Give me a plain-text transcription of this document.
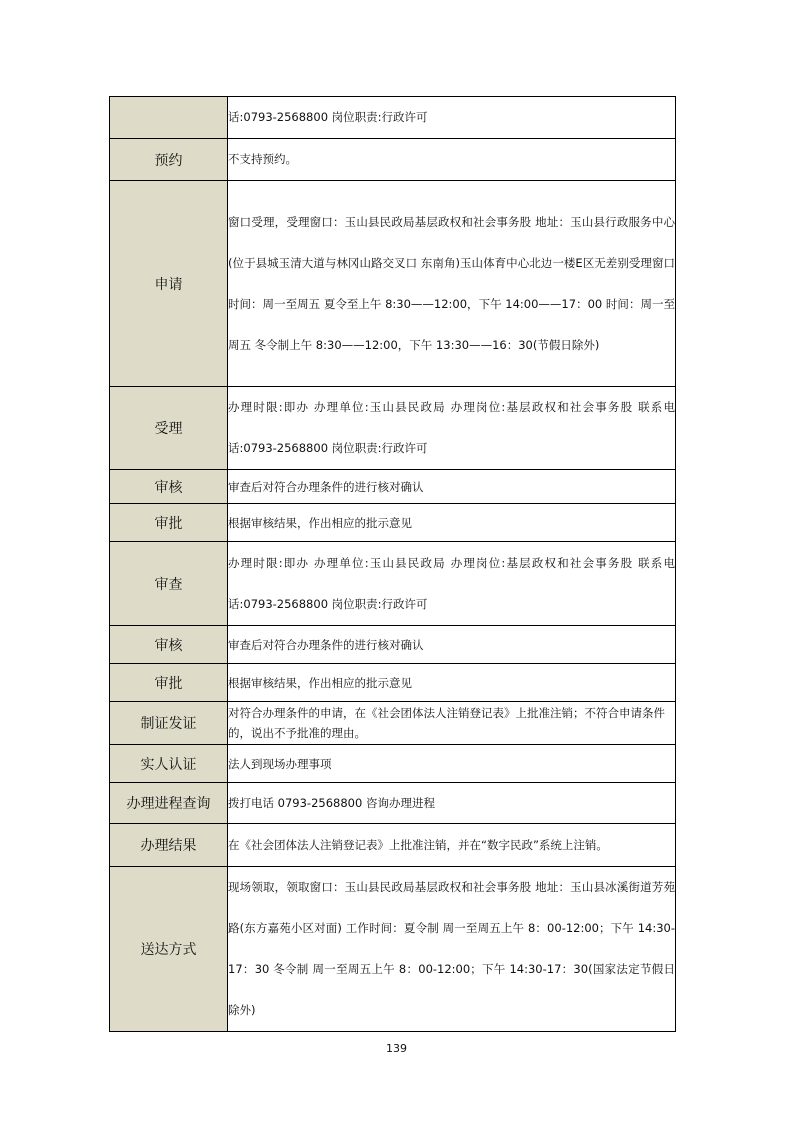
	话:0793-2568800 岗位职责:行政许可
预约	不支持预约。
申请	窗口受理，受理窗口：玉山县民政局基层政权和社会事务股 地址：玉山县行政服务中心(位于县城玉清大道与林冈山路交叉口 东南角)玉山体育中心北边一楼E区无差别受理窗口 时间：周一至周五 夏令至上午 8:30——12:00，下午 14:00——17：00 时间：周一至周五 冬令制上午 8:30——12:00，下午 13:30——16：30(节假日除外)
受理	办理时限:即办 办理单位:玉山县民政局 办理岗位:基层政权和社会事务股 联系电话:0793-2568800 岗位职责:行政许可
审核	审查后对符合办理条件的进行核对确认
审批	根据审核结果，作出相应的批示意见
审查	办理时限:即办 办理单位:玉山县民政局 办理岗位:基层政权和社会事务股 联系电话:0793-2568800 岗位职责:行政许可
审核	审查后对符合办理条件的进行核对确认
审批	根据审核结果，作出相应的批示意见
制证发证	对符合办理条件的申请，在《社会团体法人注销登记表》上批准注销；不符合申请条件的，说出不予批准的理由。
实人认证	法人到现场办理事项
办理进程查询	拨打电话 0793-2568800 咨询办理进程
办理结果	在《社会团体法人注销登记表》上批准注销，并在“数字民政”系统上注销。
送达方式	现场领取，领取窗口：玉山县民政局基层政权和社会事务股 地址：玉山县冰溪街道芳苑路(东方嘉苑小区对面) 工作时间：夏令制 周一至周五上午 8：00-12:00；下午 14:30-17：30 冬令制 周一至周五上午 8：00-12:00；下午 14:30-17：30(国家法定节假日除外)
139
